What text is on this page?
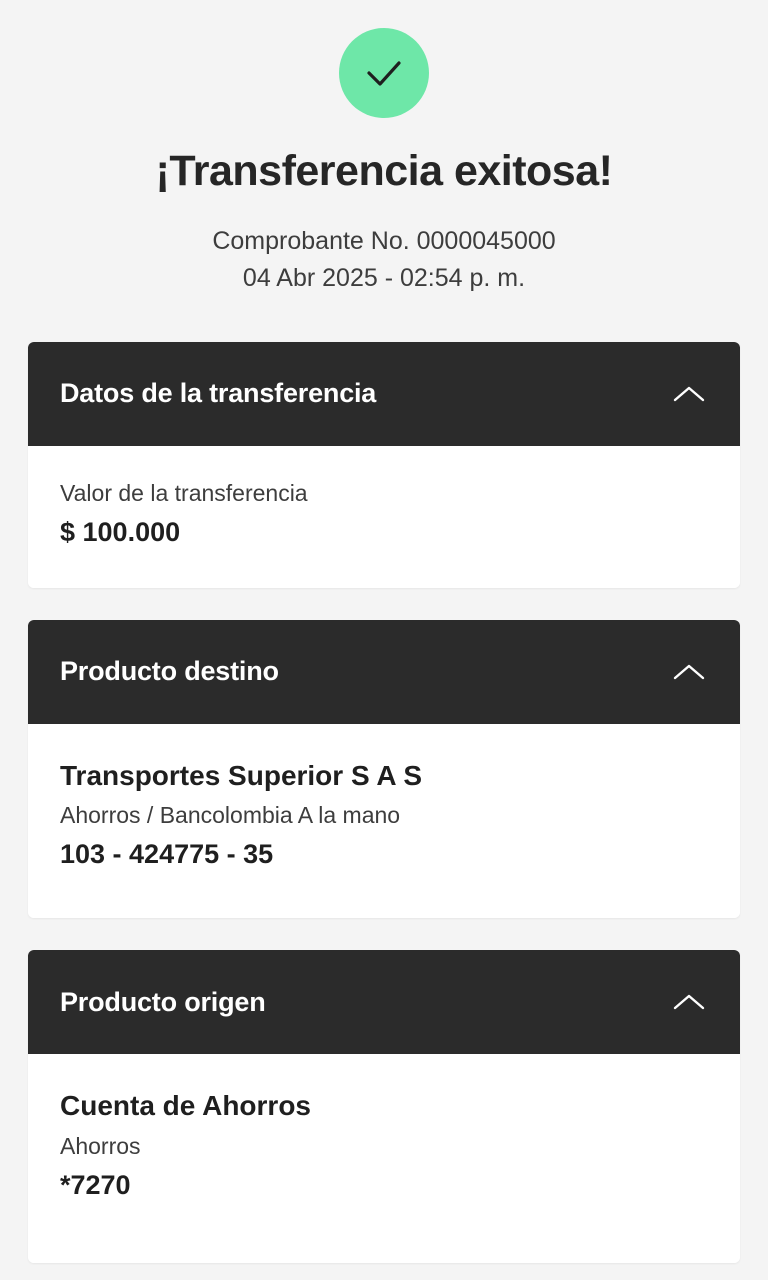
¡Transferencia exitosa!
Comprobante No. 0000045000
04 Abr 2025 - 02:54 p. m.
Datos de la transferencia
Valor de la transferencia
$ 100.000
Producto destino
Transportes Superior S A S
Ahorros / Bancolombia A la mano
103 - 424775 - 35
Producto origen
Cuenta de Ahorros
Ahorros
*7270
